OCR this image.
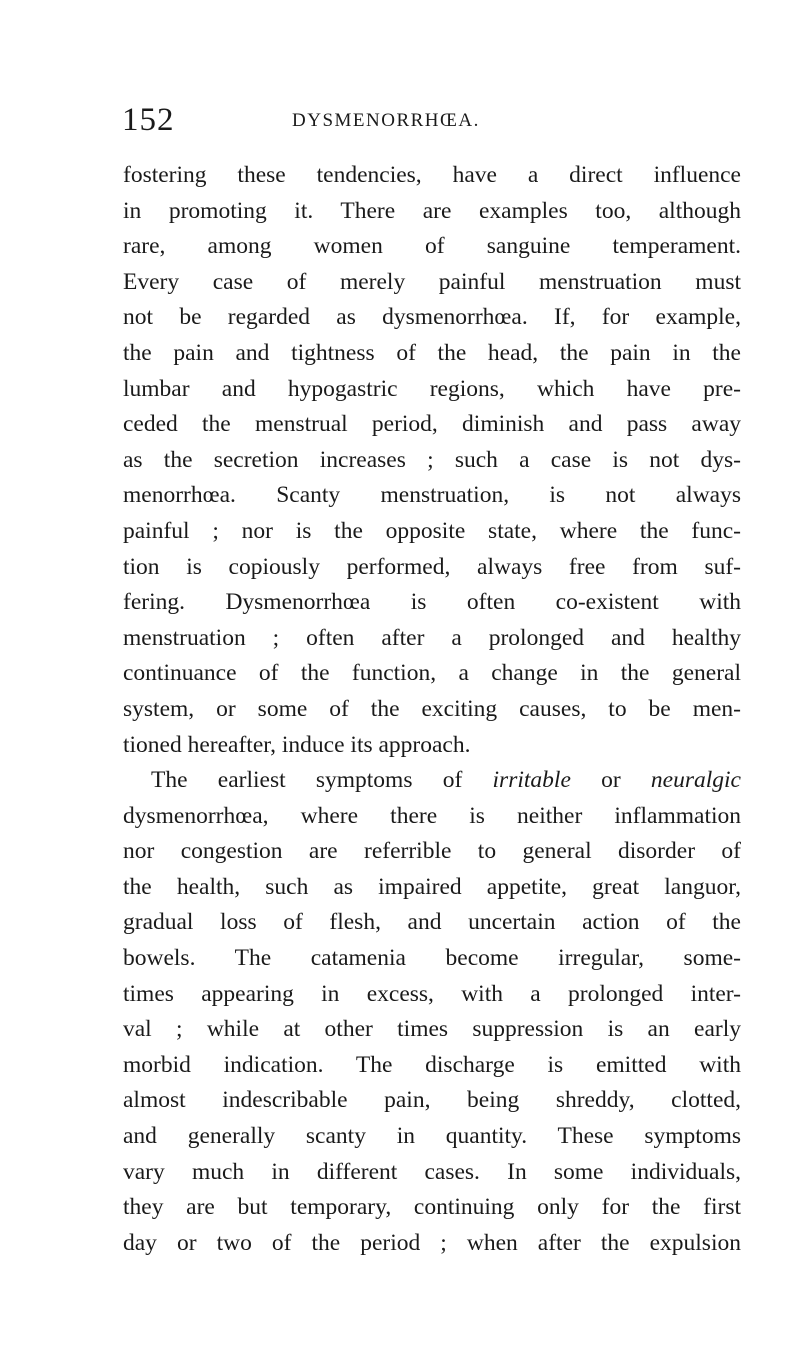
152	DYSMENORRHŒA.
fostering these tendencies, have a direct influence
in promoting it. There are examples too, although
rare, among women of sanguine temperament.
Every case of merely painful menstruation must
not be regarded as dysmenorrhœa. If, for example,
the pain and tightness of the head, the pain in the
lumbar and hypogastric regions, which have pre-
ceded the menstrual period, diminish and pass away
as the secretion increases ; such a case is not dys-
menorrhœa. Scanty menstruation, is not always
painful ; nor is the opposite state, where the func-
tion is copiously performed, always free from suf-
fering. Dysmenorrhœa is often co-existent with
menstruation ; often after a prolonged and healthy
continuance of the function, a change in the general
system, or some of the exciting causes, to be men-
tioned hereafter, induce its approach.
The earliest symptoms of irritable or neuralgic
dysmenorrhœa, where there is neither inflammation
nor congestion are referrible to general disorder of
the health, such as impaired appetite, great languor,
gradual loss of flesh, and uncertain action of the
bowels. The catamenia become irregular, some-
times appearing in excess, with a prolonged inter-
val ; while at other times suppression is an early
morbid indication. The discharge is emitted with
almost indescribable pain, being shreddy, clotted,
and generally scanty in quantity. These symptoms
vary much in different cases. In some individuals,
they are but temporary, continuing only for the first
day or two of the period ; when after the expulsion
